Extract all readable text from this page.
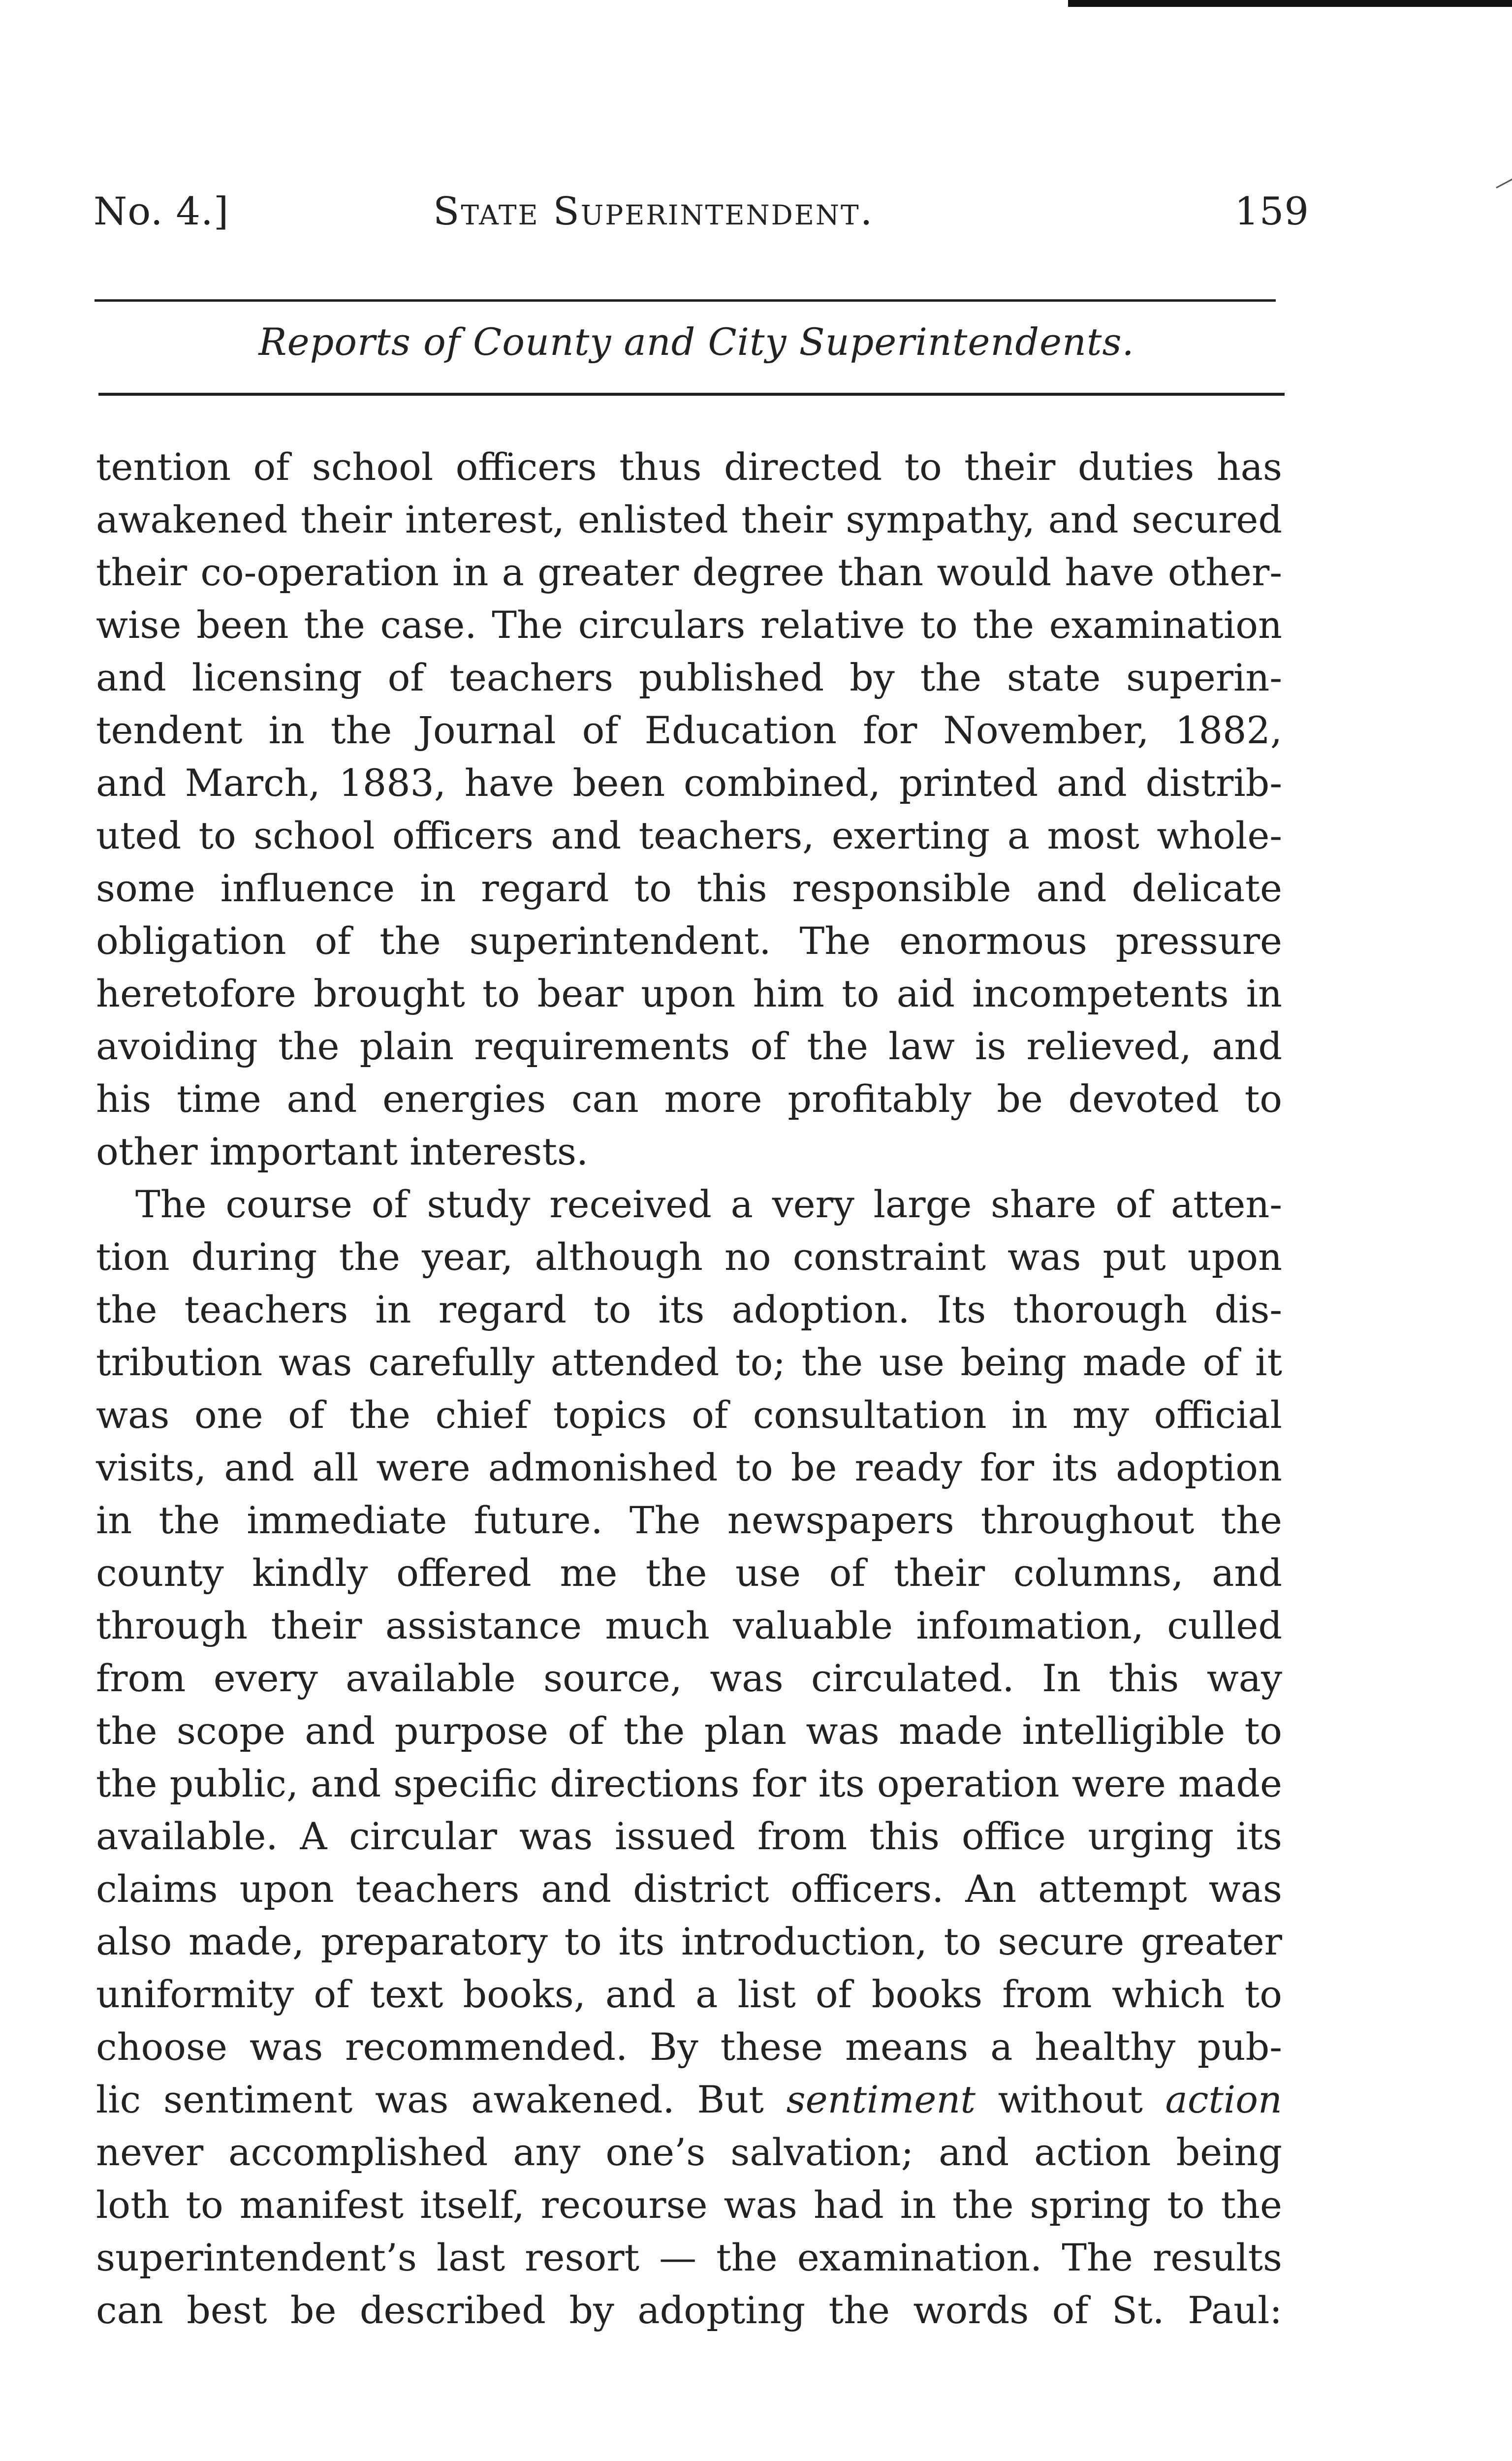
No. 4.]	State Superintendent.	159
Reports of County and City Superintendents.
tention of school officers thus directed to their duties has
awakened their interest, enlisted their sympathy, and secured
their co-operation in a greater degree than would have other-
wise been the case. The circulars relative to the examination
and licensing of teachers published by the state superin-
tendent in the Journal of Education for November, 1882,
and March, 1883, have been combined, printed and distrib-
uted to school officers and teachers, exerting a most whole-
some influence in regard to this responsible and delicate
obligation of the superintendent. The enormous pressure
heretofore brought to bear upon him to aid incompetents in
avoiding the plain requirements of the law is relieved, and
his time and energies can more profitably be devoted to
other important interests.
The course of study received a very large share of atten-
tion during the year, although no constraint was put upon
the teachers in regard to its adoption. Its thorough dis-
tribution was carefully attended to; the use being made of it
was one of the chief topics of consultation in my official
visits, and all were admonished to be ready for its adoption
in the immediate future. The newspapers throughout the
county kindly offered me the use of their columns, and
through their assistance much valuable infoımation, culled
from every available source, was circulated. In this way
the scope and purpose of the plan was made intelligible to
the public, and specific directions for its operation were made
available. A circular was issued from this office urging its
claims upon teachers and district officers. An attempt was
also made, preparatory to its introduction, to secure greater
uniformity of text books, and a list of books from which to
choose was recommended. By these means a healthy pub-
lic sentiment was awakened. But sentiment without action
never accomplished any one’s salvation; and action being
loth to manifest itself, recourse was had in the spring to the
superintendent’s last resort — the examination. The results
can best be described by adopting the words of St. Paul:
